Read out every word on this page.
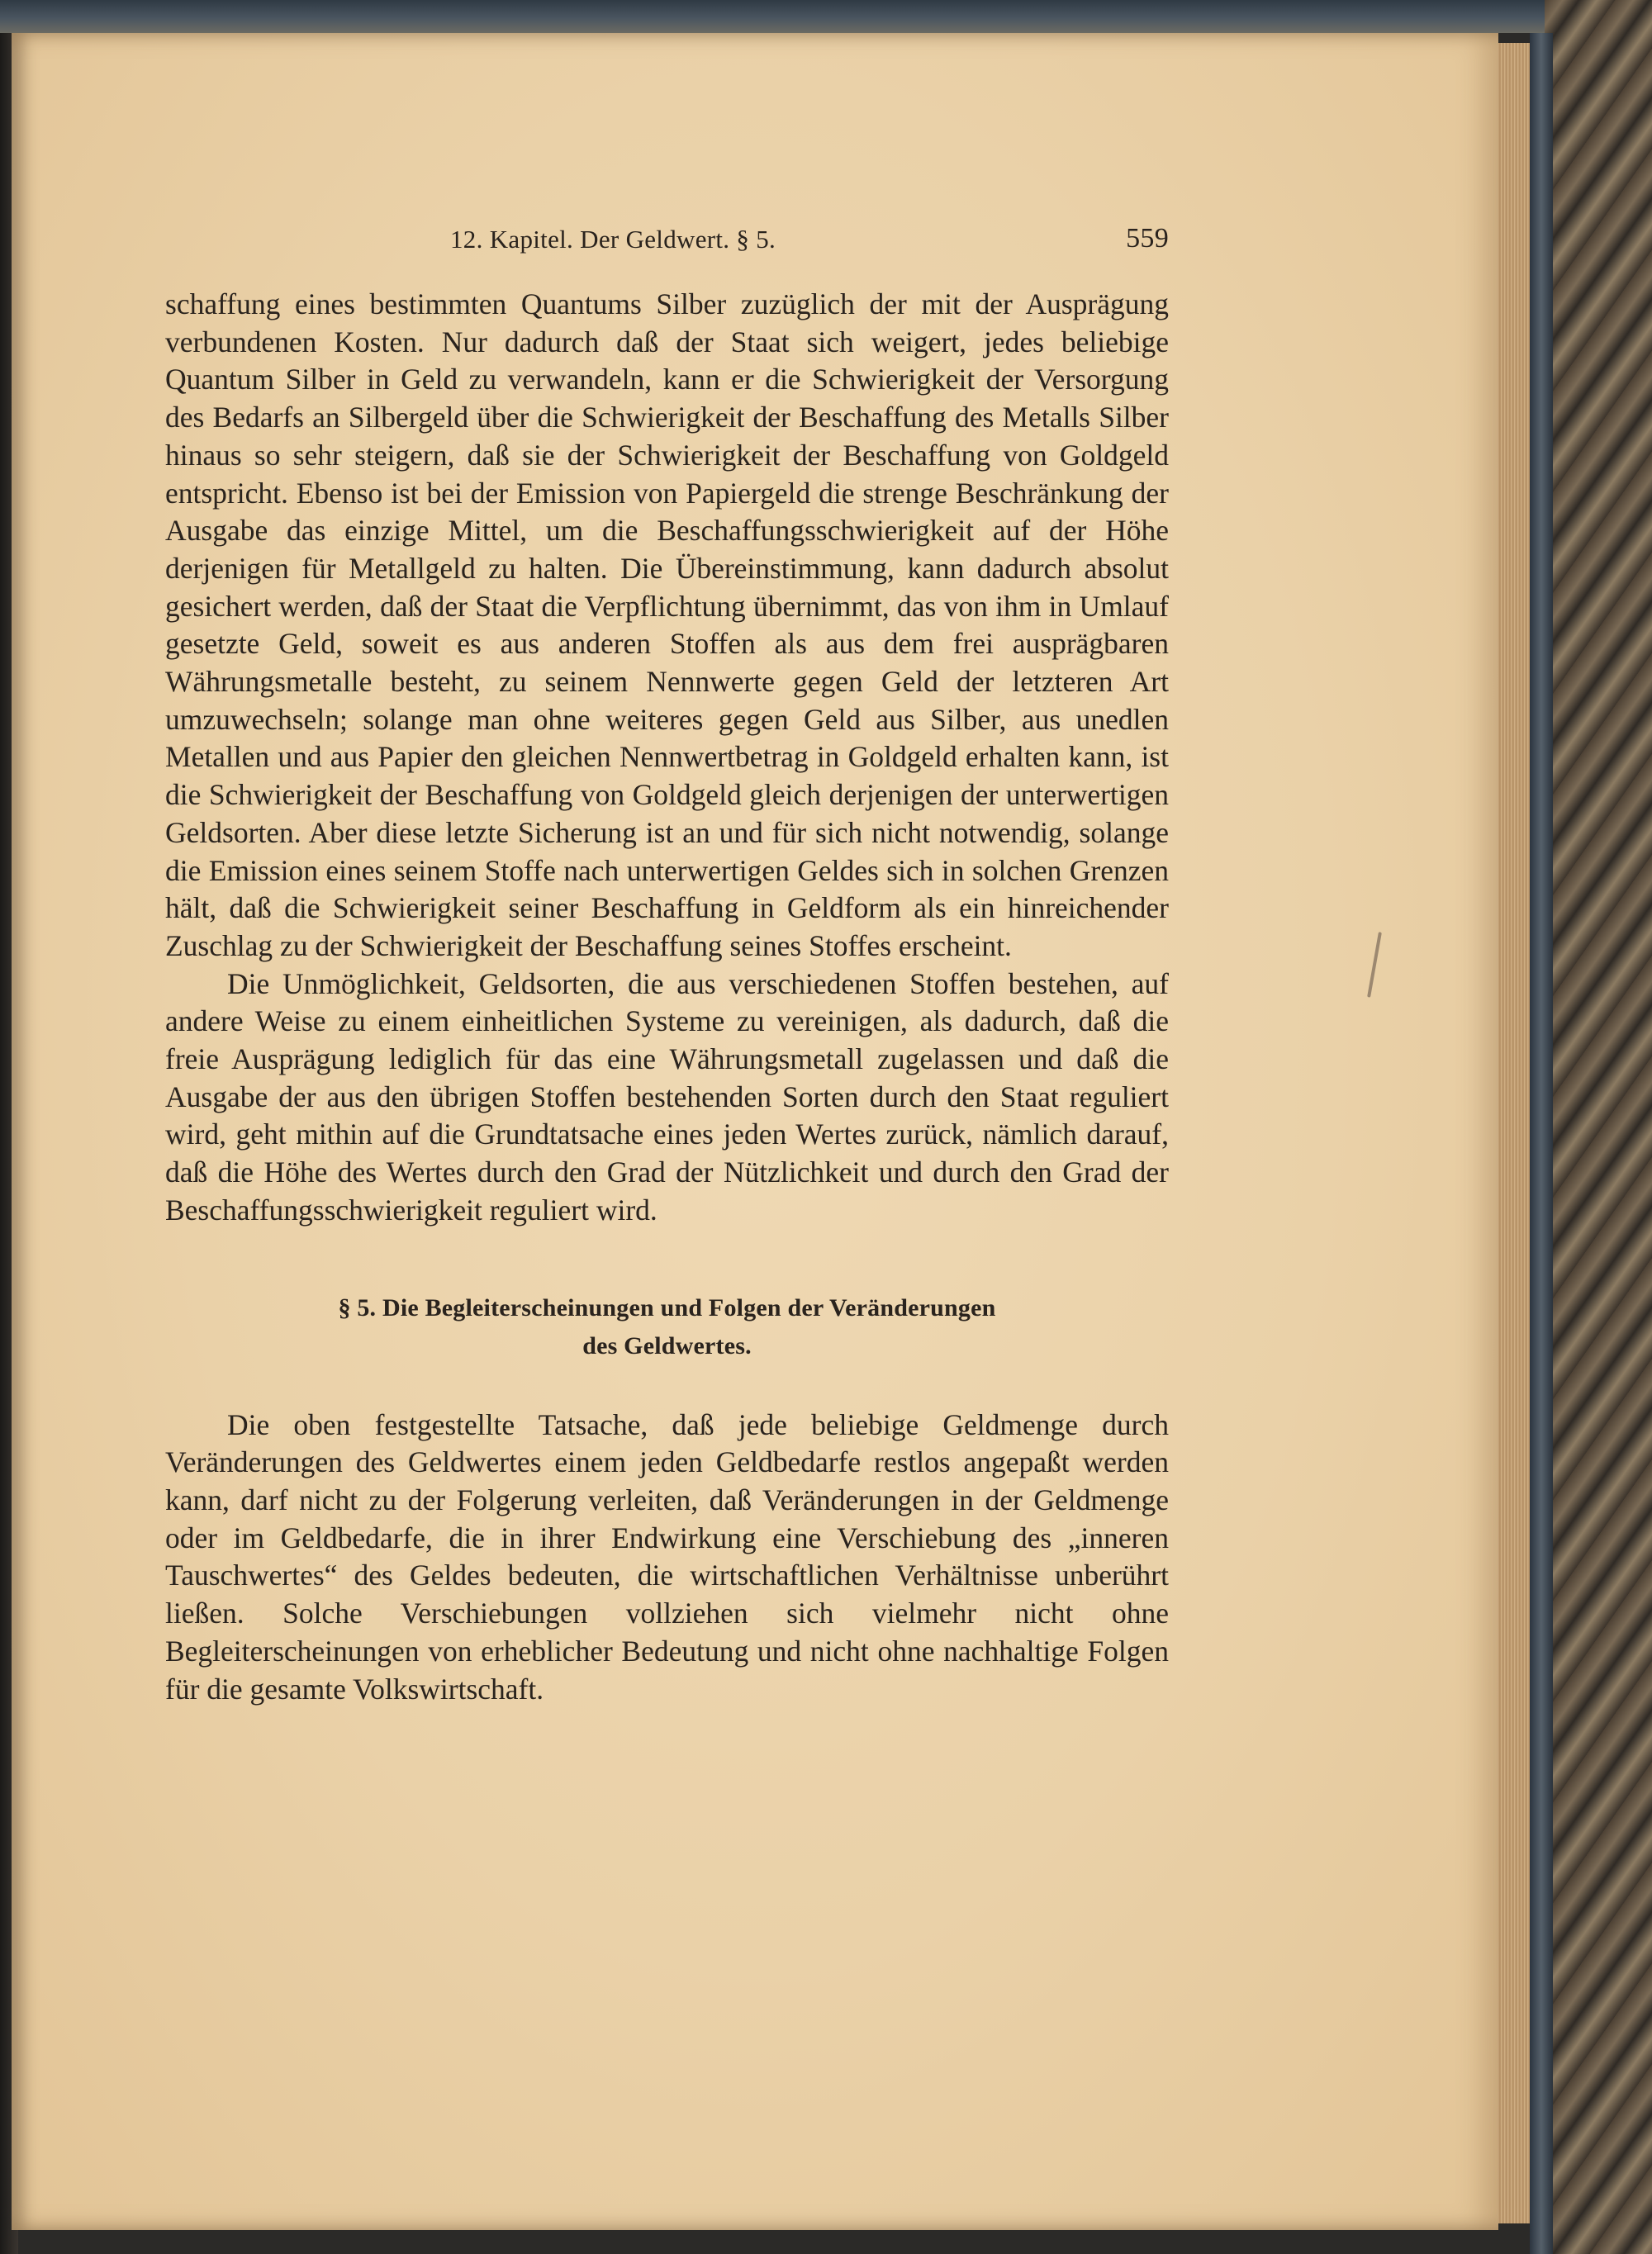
12. Kapitel. Der Geldwert. § 5.	559

schaffung eines bestimmten Quantums Silber zuzüglich der mit der Ausprägung verbundenen Kosten. Nur dadurch daß der Staat sich weigert, jedes beliebige Quantum Silber in Geld zu verwandeln, kann er die Schwierigkeit der Versorgung des Bedarfs an Silbergeld über die Schwierigkeit der Beschaffung des Metalls Silber hinaus so sehr steigern, daß sie der Schwierigkeit der Beschaffung von Goldgeld entspricht. Ebenso ist bei der Emission von Papiergeld die strenge Beschränkung der Ausgabe das einzige Mittel, um die Beschaffungsschwierigkeit auf der Höhe derjenigen für Metallgeld zu halten. Die Übereinstimmung, kann dadurch absolut gesichert werden, daß der Staat die Verpflichtung übernimmt, das von ihm in Umlauf gesetzte Geld, soweit es aus anderen Stoffen als aus dem frei ausprägbaren Währungsmetalle besteht, zu seinem Nennwerte gegen Geld der letzteren Art umzuwechseln; solange man ohne weiteres gegen Geld aus Silber, aus unedlen Metallen und aus Papier den gleichen Nennwertbetrag in Goldgeld erhalten kann, ist die Schwierigkeit der Beschaffung von Goldgeld gleich derjenigen der unterwertigen Geldsorten. Aber diese letzte Sicherung ist an und für sich nicht notwendig, solange die Emission eines seinem Stoffe nach unterwertigen Geldes sich in solchen Grenzen hält, daß die Schwierigkeit seiner Beschaffung in Geldform als ein hinreichender Zuschlag zu der Schwierigkeit der Beschaffung seines Stoffes erscheint.

Die Unmöglichkeit, Geldsorten, die aus verschiedenen Stoffen bestehen, auf andere Weise zu einem einheitlichen Systeme zu vereinigen, als dadurch, daß die freie Ausprägung lediglich für das eine Währungsmetall zugelassen und daß die Ausgabe der aus den übrigen Stoffen bestehenden Sorten durch den Staat reguliert wird, geht mithin auf die Grundtatsache eines jeden Wertes zurück, nämlich darauf, daß die Höhe des Wertes durch den Grad der Nützlichkeit und durch den Grad der Beschaffungsschwierigkeit reguliert wird.

§ 5. Die Begleiterscheinungen und Folgen der Veränderungen
des Geldwertes.

Die oben festgestellte Tatsache, daß jede beliebige Geldmenge durch Veränderungen des Geldwertes einem jeden Geldbedarfe restlos angepaßt werden kann, darf nicht zu der Folgerung verleiten, daß Veränderungen in der Geldmenge oder im Geldbedarfe, die in ihrer Endwirkung eine Verschiebung des „inneren Tauschwertes“ des Geldes bedeuten, die wirtschaftlichen Verhältnisse unberührt ließen. Solche Verschiebungen vollziehen sich vielmehr nicht ohne Begleiterscheinungen von erheblicher Bedeutung und nicht ohne nachhaltige Folgen für die gesamte Volkswirtschaft.
